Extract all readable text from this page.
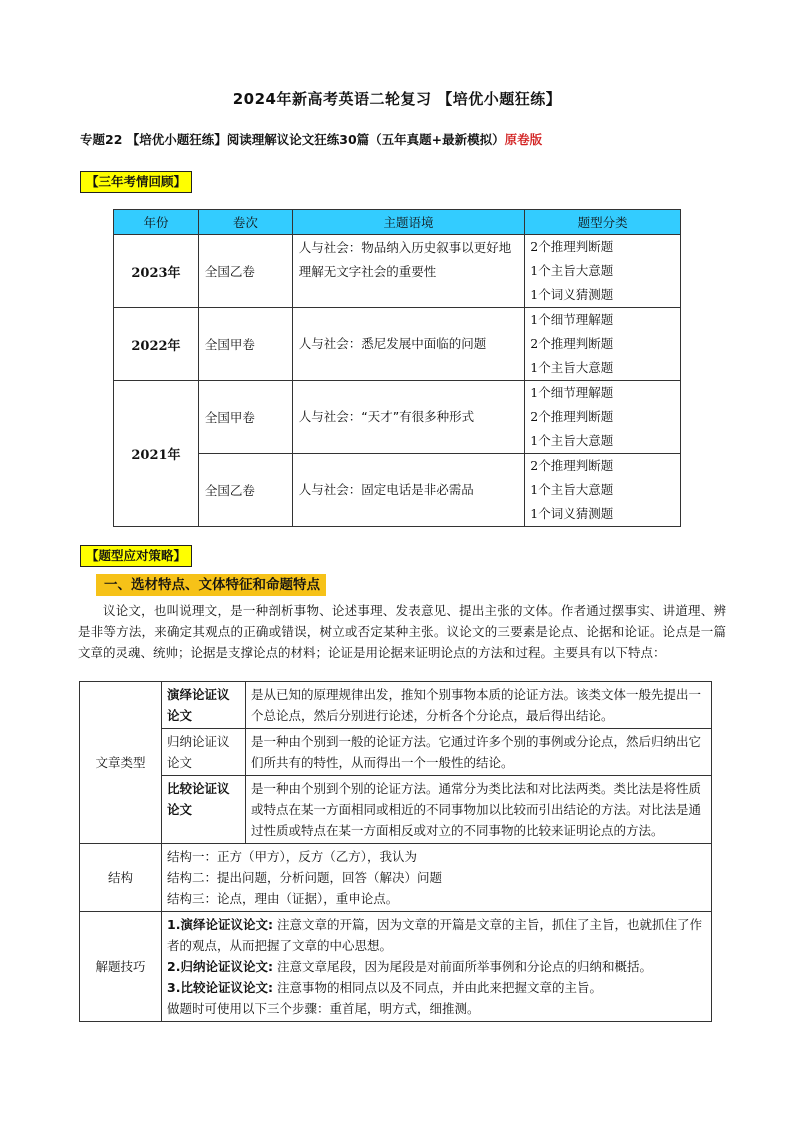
2024年新高考英语二轮复习 【培优小题狂练】
专题22 【培优小题狂练】阅读理解议论文狂练30篇（五年真题+最新模拟）原卷版
【三年考情回顾】
年份	卷次	主题语境	题型分类
2023年	全国乙卷	人与社会：物品纳入历史叙事以更好地理解无文字社会的重要性	2个推理判断题
1个主旨大意题
1个词义猜测题

2022年	全国甲卷	人与社会：悉尼发展中面临的问题	1个细节理解题
2个推理判断题
1个主旨大意题

2021年	全国甲卷	人与社会：“天才”有很多种形式	1个细节理解题
2个推理判断题
1个主旨大意题

	全国乙卷	人与社会：固定电话是非必需品	2个推理判断题
1个主旨大意题
1个词义猜测题
【题型应对策略】
一、选材特点、文体特征和命题特点
议论文，也叫说理文，是一种剖析事物、论述事理、发表意见、提出主张的文体。作者通过摆事实、讲道理、辨是非等方法，来确定其观点的正确或错误，树立或否定某种主张。议论文的三要素是论点、论据和论证。论点是一篇文章的灵魂、统帅；论据是支撑论点的材料；论证是用论据来证明论点的方法和过程。主要具有以下特点：
文章类型	演绎论证议论文	是从已知的原理规律出发，推知个别事物本质的论证方法。该类文体一般先提出一个总论点，然后分别进行论述，分析各个分论点，最后得出结论。
	归纳论证议论文	是一种由个别到一般的论证方法。它通过许多个别的事例或分论点，然后归纳出它们所共有的特性，从而得出一个一般性的结论。
	比较论证议论文	是一种由个别到个别的论证方法。通常分为类比法和对比法两类。类比法是将性质或特点在某一方面相同或相近的不同事物加以比较而引出结论的方法。对比法是通过性质或特点在某一方面相反或对立的不同事物的比较来证明论点的方法。
结构	结构一：正方（甲方），反方（乙方），我认为
结构二：提出问题，分析问题，回答（解决）问题
结构三：论点，理由（证据），重申论点。	

解题技巧	1.演绎论证议论文: 注意文章的开篇，因为文章的开篇是文章的主旨，抓住了主旨，也就抓住了作者的观点，从而把握了文章的中心思想。
2.归纳论证议论文: 注意文章尾段，因为尾段是对前面所举事例和分论点的归纳和概括。
3.比较论证议论文: 注意事物的相同点以及不同点，并由此来把握文章的主旨。
做题时可使用以下三个步骤：重首尾，明方式，细推测。	
